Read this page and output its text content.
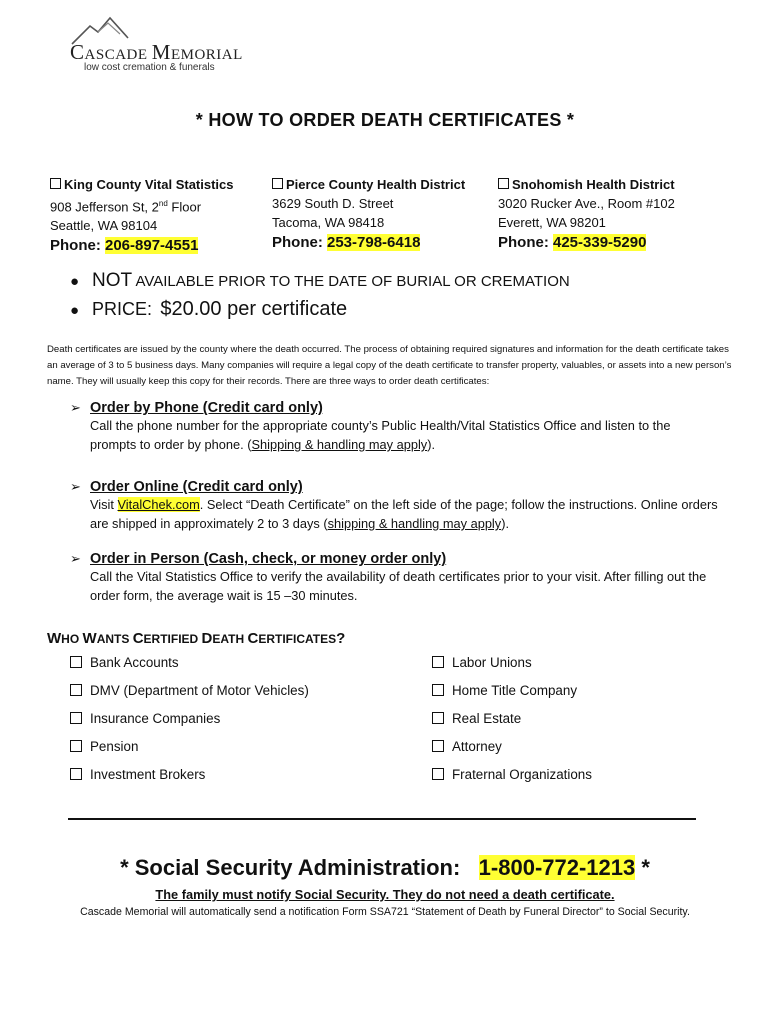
CASCADE MEMORIAL
low cost cremation & funerals
* HOW TO ORDER DEATH CERTIFICATES *
King County Vital Statistics
908 Jefferson St, 2nd Floor
Seattle, WA 98104
Phone: 206-897-4551
Pierce County Health District
3629 South D. Street
Tacoma, WA 98418
Phone: 253-798-6418
Snohomish Health District
3020 Rucker Ave., Room #102
Everett, WA 98201
Phone: 425-339-5290
● NOT AVAILABLE PRIOR TO THE DATE OF BURIAL OR CREMATION
● PRICE: $20.00 per certificate
Death certificates are issued by the county where the death occurred. The process of obtaining required signatures and information for the death certificate takes an average of 3 to 5 business days. Many companies will require a legal copy of the death certificate to transfer property, valuables, or assets into a new person’s name. They will usually keep this copy for their records. There are three ways to order death certificates:
➢ Order by Phone (Credit card only)
Call the phone number for the appropriate county’s Public Health/Vital Statistics Office and listen to the prompts to order by phone. (Shipping & handling may apply).
➢ Order Online (Credit card only)
Visit VitalChek.com. Select “Death Certificate” on the left side of the page; follow the instructions. Online orders are shipped in approximately 2 to 3 days (shipping & handling may apply).
➢ Order in Person (Cash, check, or money order only)
Call the Vital Statistics Office to verify the availability of death certificates prior to your visit. After filling out the order form, the average wait is 15 –30 minutes.
WHO WANTS CERTIFIED DEATH CERTIFICATES?
Bank Accounts
DMV (Department of Motor Vehicles)
Insurance Companies
Pension
Investment Brokers
Labor Unions
Home Title Company
Real Estate
Attorney
Fraternal Organizations
* Social Security Administration:   1-800-772-1213 *
The family must notify Social Security. They do not need a death certificate.
Cascade Memorial will automatically send a notification Form SSA721 “Statement of Death by Funeral Director” to Social Security.
